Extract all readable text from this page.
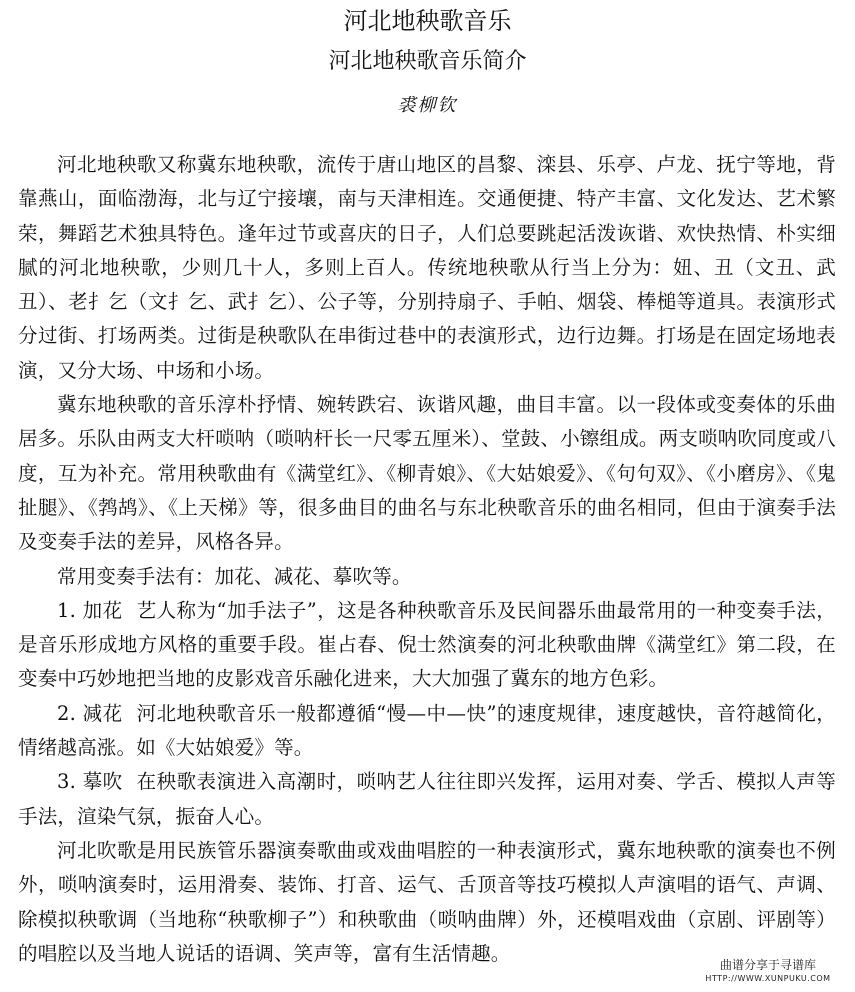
河北地秧歌音乐
河北地秧歌音乐简介
裘柳钦

河北地秧歌又称冀东地秧歌，流传于唐山地区的昌黎、滦县、乐亭、卢龙、抚宁等地，背靠燕山，面临渤海，北与辽宁接壤，南与天津相连。交通便捷、特产丰富、文化发达、艺术繁荣，舞蹈艺术独具特色。逢年过节或喜庆的日子，人们总要跳起活泼诙谐、欢快热情、朴实细腻的河北地秧歌，少则几十人，多则上百人。传统地秧歌从行当上分为：妞、丑（文丑、武丑）、老扌乞（文扌乞、武扌乞）、公子等，分别持扇子、手帕、烟袋、棒槌等道具。表演形式分过街、打场两类。过街是秧歌队在串街过巷中的表演形式，边行边舞。打场是在固定场地表演，又分大场、中场和小场。

冀东地秧歌的音乐淳朴抒情、婉转跌宕、诙谐风趣，曲目丰富。以一段体或变奏体的乐曲居多。乐队由两支大杆唢呐（唢呐杆长一尺零五厘米）、堂鼓、小镲组成。两支唢呐吹同度或八度，互为补充。常用秧歌曲有《满堂红》、《柳青娘》、《大姑娘爱》、《句句双》、《小磨房》、《鬼扯腿》、《鹁鸪》、《上天梯》等，很多曲目的曲名与东北秧歌音乐的曲名相同，但由于演奏手法及变奏手法的差异，风格各异。

常用变奏手法有：加花、减花、摹吹等。

1. 加花 艺人称为“加手法子”，这是各种秧歌音乐及民间器乐曲最常用的一种变奏手法，是音乐形成地方风格的重要手段。崔占春、倪士然演奏的河北秧歌曲牌《满堂红》第二段，在变奏中巧妙地把当地的皮影戏音乐融化进来，大大加强了冀东的地方色彩。

2. 减花 河北地秧歌音乐一般都遵循“慢—中—快”的速度规律，速度越快，音符越简化，情绪越高涨。如《大姑娘爱》等。

3. 摹吹 在秧歌表演进入高潮时，唢呐艺人往往即兴发挥，运用对奏、学舌、模拟人声等手法，渲染气氛，振奋人心。

河北吹歌是用民族管乐器演奏歌曲或戏曲唱腔的一种表演形式，冀东地秧歌的演奏也不例外，唢呐演奏时，运用滑奏、装饰、打音、运气、舌顶音等技巧模拟人声演唱的语气、声调、除模拟秧歌调（当地称“秧歌柳子”）和秧歌曲（唢呐曲牌）外，还模唱戏曲（京剧、评剧等）的唱腔以及当地人说话的语调、笑声等，富有生活情趣。

曲谱分享于寻谱库
HTTP://WWW.XUNPUKU.COM
